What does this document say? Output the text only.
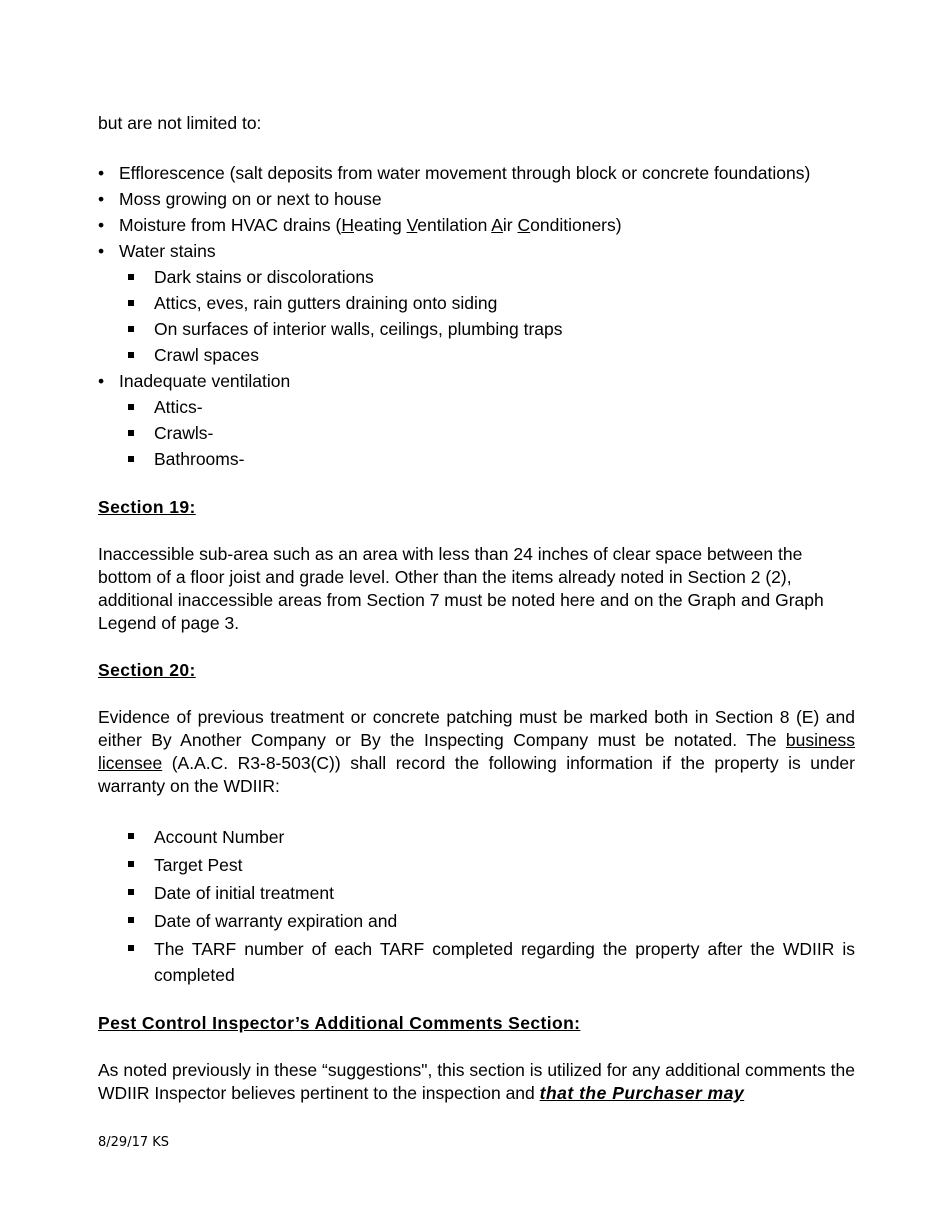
but are not limited to:

• Efflorescence (salt deposits from water movement through block or concrete foundations)
• Moss growing on or next to house
• Moisture from HVAC drains (Heating Ventilation Air Conditioners)
• Water stains
Dark stains or discolorations
Attics, eves, rain gutters draining onto siding
On surfaces of interior walls, ceilings, plumbing traps
Crawl spaces
• Inadequate ventilation
Attics-
Crawls-
Bathrooms-

Section 19:

Inaccessible sub-area such as an area with less than 24 inches of clear space between the bottom of a floor joist and grade level. Other than the items already noted in Section 2 (2), additional inaccessible areas from Section 7 must be noted here and on the Graph and Graph Legend of page 3.

Section 20:

Evidence of previous treatment or concrete patching must be marked both in Section 8 (E) and either By Another Company or By the Inspecting Company must be notated. The business licensee (A.A.C. R3-8-503(C)) shall record the following information if the property is under warranty on the WDIIR:

Account Number
Target Pest
Date of initial treatment
Date of warranty expiration and
The TARF number of each TARF completed regarding the property after the WDIIR is completed

Pest Control Inspector’s Additional Comments Section:

As noted previously in these “suggestions", this section is utilized for any additional comments the WDIIR Inspector believes pertinent to the inspection and that the Purchaser may

8/29/17 KS
